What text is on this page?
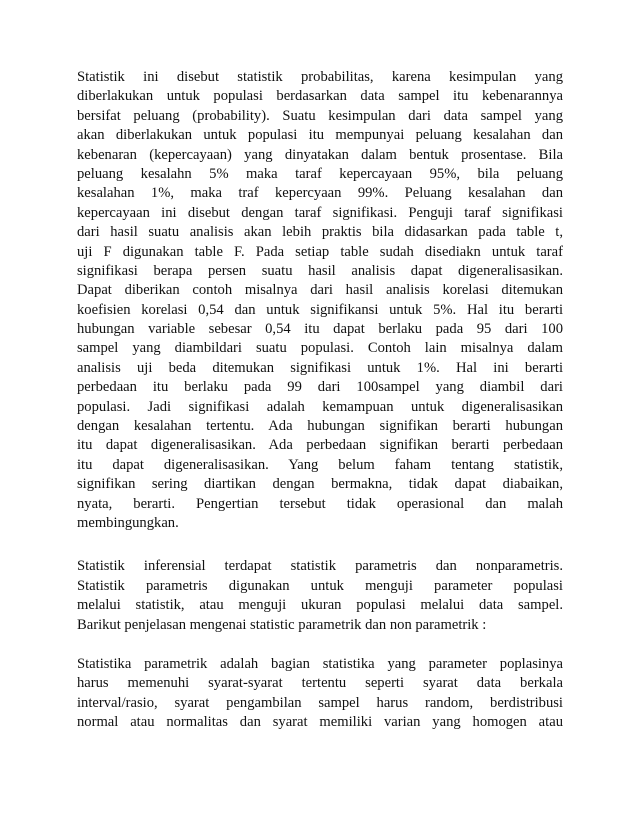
Statistik ini disebut statistik probabilitas, karena kesimpulan yang
diberlakukan untuk populasi berdasarkan data sampel itu kebenarannya
bersifat peluang (probability). Suatu kesimpulan dari data sampel yang
akan diberlakukan untuk populasi itu mempunyai peluang kesalahan dan
kebenaran (kepercayaan) yang dinyatakan dalam bentuk prosentase. Bila
peluang kesalahn 5% maka taraf kepercayaan 95%, bila peluang
kesalahan 1%, maka traf kepercyaan 99%. Peluang kesalahan dan
kepercayaan ini disebut dengan taraf signifikasi. Penguji taraf signifikasi
dari hasil suatu analisis akan lebih praktis bila didasarkan pada table t,
uji F digunakan table F. Pada setiap table sudah disediakn untuk taraf
signifikasi berapa persen suatu hasil analisis dapat digeneralisasikan.
Dapat diberikan contoh misalnya dari hasil analisis korelasi ditemukan
koefisien korelasi 0,54 dan untuk signifikansi untuk 5%. Hal itu berarti
hubungan variable sebesar 0,54 itu dapat berlaku pada 95 dari 100
sampel yang diambildari suatu populasi. Contoh lain misalnya dalam
analisis uji beda ditemukan signifikasi untuk 1%. Hal ini berarti
perbedaan itu berlaku pada 99 dari 100sampel yang diambil dari
populasi. Jadi signifikasi adalah kemampuan untuk digeneralisasikan
dengan kesalahan tertentu. Ada hubungan signifikan berarti hubungan
itu dapat digeneralisasikan. Ada perbedaan signifikan berarti perbedaan
itu dapat digeneralisasikan. Yang belum faham tentang statistik,
signifikan sering diartikan dengan bermakna, tidak dapat diabaikan,
nyata, berarti. Pengertian tersebut tidak operasional dan malah
membingungkan.
Statistik inferensial terdapat statistik parametris dan nonparametris.
Statistik parametris digunakan untuk menguji parameter populasi
melalui statistik, atau menguji ukuran populasi melalui data sampel.
Barikut penjelasan mengenai statistic parametrik dan non parametrik :
Statistika parametrik adalah bagian statistika yang parameter poplasinya
harus memenuhi syarat-syarat tertentu seperti syarat data berkala
interval/rasio, syarat pengambilan sampel harus random, berdistribusi
normal atau normalitas dan syarat memiliki varian yang homogen atau
